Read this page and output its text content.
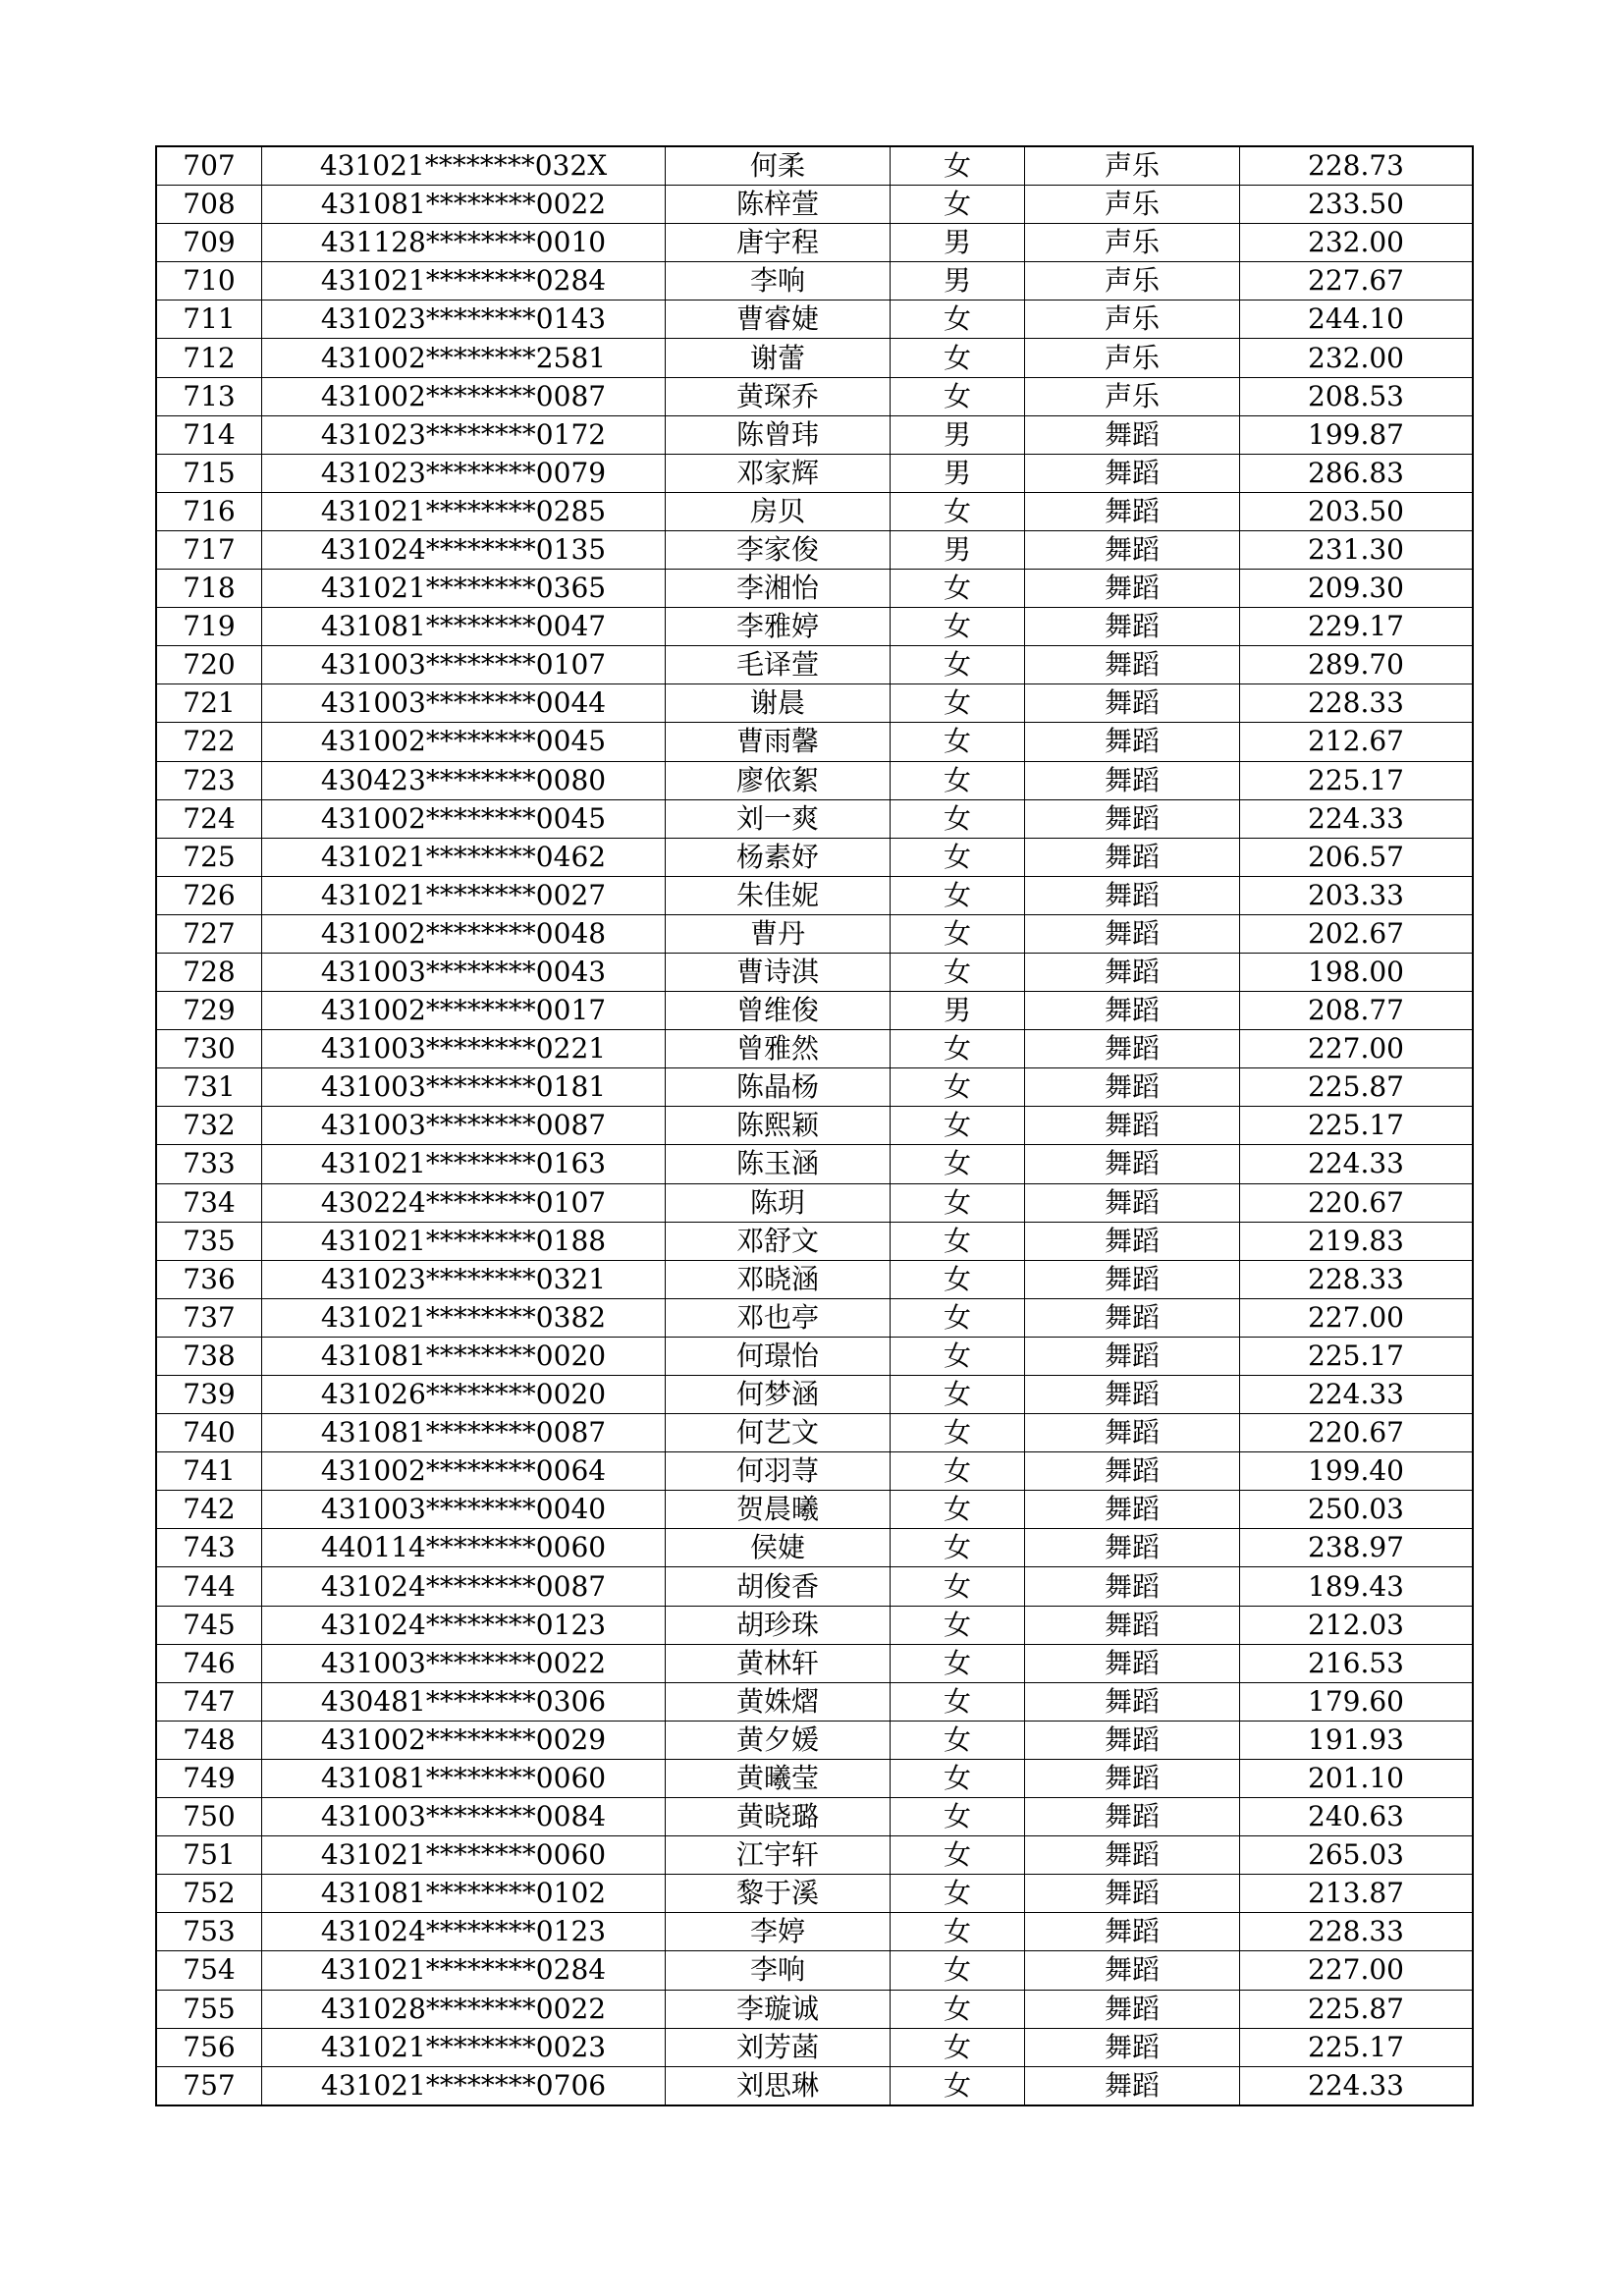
707	431021********032X	何柔	女	声乐	228.73
708	431081********0022	陈梓萱	女	声乐	233.50
709	431128********0010	唐宇程	男	声乐	232.00
710	431021********0284	李响	男	声乐	227.67
711	431023********0143	曹睿婕	女	声乐	244.10
712	431002********2581	谢蕾	女	声乐	232.00
713	431002********0087	黄琛乔	女	声乐	208.53
714	431023********0172	陈曾玮	男	舞蹈	199.87
715	431023********0079	邓家辉	男	舞蹈	286.83
716	431021********0285	房贝	女	舞蹈	203.50
717	431024********0135	李家俊	男	舞蹈	231.30
718	431021********0365	李湘怡	女	舞蹈	209.30
719	431081********0047	李雅婷	女	舞蹈	229.17
720	431003********0107	毛译萱	女	舞蹈	289.70
721	431003********0044	谢晨	女	舞蹈	228.33
722	431002********0045	曹雨馨	女	舞蹈	212.67
723	430423********0080	廖依絮	女	舞蹈	225.17
724	431002********0045	刘一爽	女	舞蹈	224.33
725	431021********0462	杨素妤	女	舞蹈	206.57
726	431021********0027	朱佳妮	女	舞蹈	203.33
727	431002********0048	曹丹	女	舞蹈	202.67
728	431003********0043	曹诗淇	女	舞蹈	198.00
729	431002********0017	曾维俊	男	舞蹈	208.77
730	431003********0221	曾雅然	女	舞蹈	227.00
731	431003********0181	陈晶杨	女	舞蹈	225.87
732	431003********0087	陈熙颖	女	舞蹈	225.17
733	431021********0163	陈玉涵	女	舞蹈	224.33
734	430224********0107	陈玥	女	舞蹈	220.67
735	431021********0188	邓舒文	女	舞蹈	219.83
736	431023********0321	邓晓涵	女	舞蹈	228.33
737	431021********0382	邓也亭	女	舞蹈	227.00
738	431081********0020	何璟怡	女	舞蹈	225.17
739	431026********0020	何梦涵	女	舞蹈	224.33
740	431081********0087	何艺文	女	舞蹈	220.67
741	431002********0064	何羽荨	女	舞蹈	199.40
742	431003********0040	贺晨曦	女	舞蹈	250.03
743	440114********0060	侯婕	女	舞蹈	238.97
744	431024********0087	胡俊香	女	舞蹈	189.43
745	431024********0123	胡珍珠	女	舞蹈	212.03
746	431003********0022	黄林轩	女	舞蹈	216.53
747	430481********0306	黄姝熠	女	舞蹈	179.60
748	431002********0029	黄夕媛	女	舞蹈	191.93
749	431081********0060	黄曦莹	女	舞蹈	201.10
750	431003********0084	黄晓璐	女	舞蹈	240.63
751	431021********0060	江宇轩	女	舞蹈	265.03
752	431081********0102	黎于溪	女	舞蹈	213.87
753	431024********0123	李婷	女	舞蹈	228.33
754	431021********0284	李响	女	舞蹈	227.00
755	431028********0022	李璇诚	女	舞蹈	225.87
756	431021********0023	刘芳菡	女	舞蹈	225.17
757	431021********0706	刘思琳	女	舞蹈	224.33
